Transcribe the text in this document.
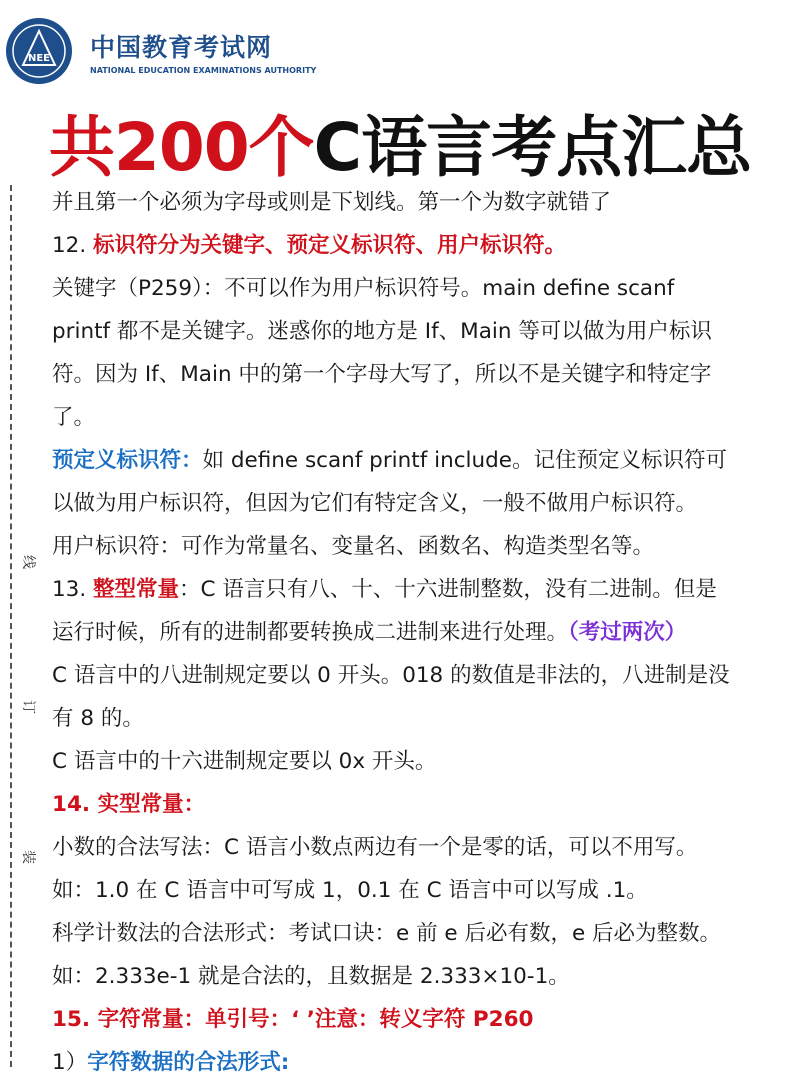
NEE 中国教育考试网
NATIONAL EDUCATION EXAMINATIONS AUTHORITY
共200个C语言考点汇总
线
订
装
并且第一个必须为字母或则是下划线。第一个为数字就错了
12. 标识符分为关键字、预定义标识符、用户标识符。
关键字（P259）：不可以作为用户标识符号。main define scanf
printf 都不是关键字。迷惑你的地方是 If、Main 等可以做为用户标识
符。因为 If、Main 中的第一个字母大写了，所以不是关键字和特定字
了。
预定义标识符：如 define scanf printf include。记住预定义标识符可
以做为用户标识符，但因为它们有特定含义，一般不做用户标识符。
用户标识符：可作为常量名、变量名、函数名、构造类型名等。
13. 整型常量：C 语言只有八、十、十六进制整数，没有二进制。但是
运行时候，所有的进制都要转换成二进制来进行处理。（考过两次）
C 语言中的八进制规定要以 0 开头。018 的数值是非法的，八进制是没
有 8 的。
C 语言中的十六进制规定要以 0x 开头。
14. 实型常量：
小数的合法写法：C 语言小数点两边有一个是零的话，可以不用写。
如：1.0 在 C 语言中可写成 1，0.1 在 C 语言中可以写成 .1。
科学计数法的合法形式：考试口诀：e 前 e 后必有数，e 后必为整数。
如：2.333e-1 就是合法的，且数据是 2.333×10-1。
15. 字符常量：单引号：‘ ’注意：转义字符 P260
1）字符数据的合法形式:
